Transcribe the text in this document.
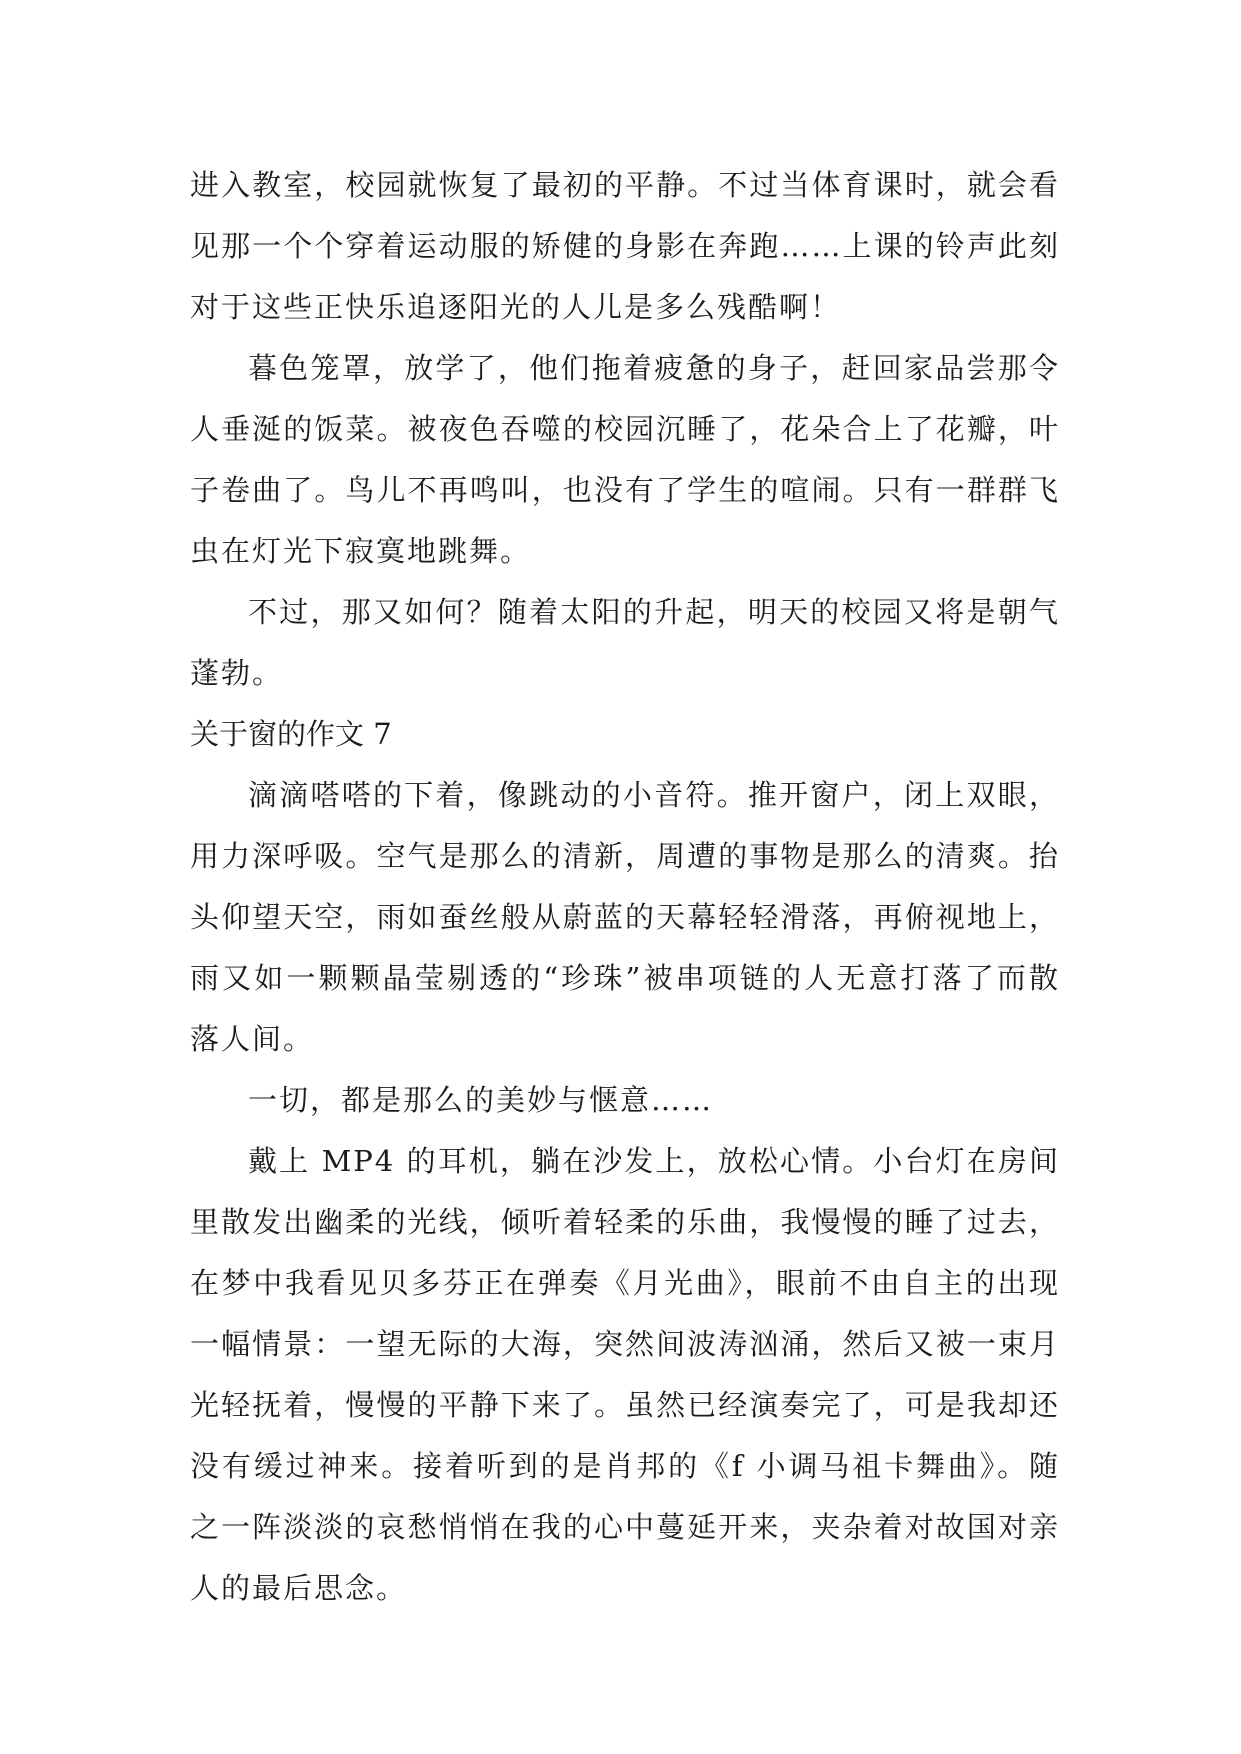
进入教室，校园就恢复了最初的平静。不过当体育课时，就会看见那一个个穿着运动服的矫健的身影在奔跑……上课的铃声此刻对于这些正快乐追逐阳光的人儿是多么残酷啊！

暮色笼罩，放学了，他们拖着疲惫的身子，赶回家品尝那令人垂涎的饭菜。被夜色吞噬的校园沉睡了，花朵合上了花瓣，叶子卷曲了。鸟儿不再鸣叫，也没有了学生的喧闹。只有一群群飞虫在灯光下寂寞地跳舞。

不过，那又如何？随着太阳的升起，明天的校园又将是朝气蓬勃。

关于窗的作文 7

滴滴嗒嗒的下着，像跳动的小音符。推开窗户，闭上双眼，用力深呼吸。空气是那么的清新，周遭的事物是那么的清爽。抬头仰望天空，雨如蚕丝般从蔚蓝的天幕轻轻滑落，再俯视地上，雨又如一颗颗晶莹剔透的“珍珠”被串项链的人无意打落了而散落人间。

一切，都是那么的美妙与惬意……

戴上 MP4 的耳机，躺在沙发上，放松心情。小台灯在房间里散发出幽柔的光线，倾听着轻柔的乐曲，我慢慢的睡了过去，在梦中我看见贝多芬正在弹奏《月光曲》，眼前不由自主的出现一幅情景：一望无际的大海，突然间波涛汹涌，然后又被一束月光轻抚着，慢慢的平静下来了。虽然已经演奏完了，可是我却还没有缓过神来。接着听到的是肖邦的《f 小调马祖卡舞曲》。随之一阵淡淡的哀愁悄悄在我的心中蔓延开来，夹杂着对故国对亲人的最后思念。
